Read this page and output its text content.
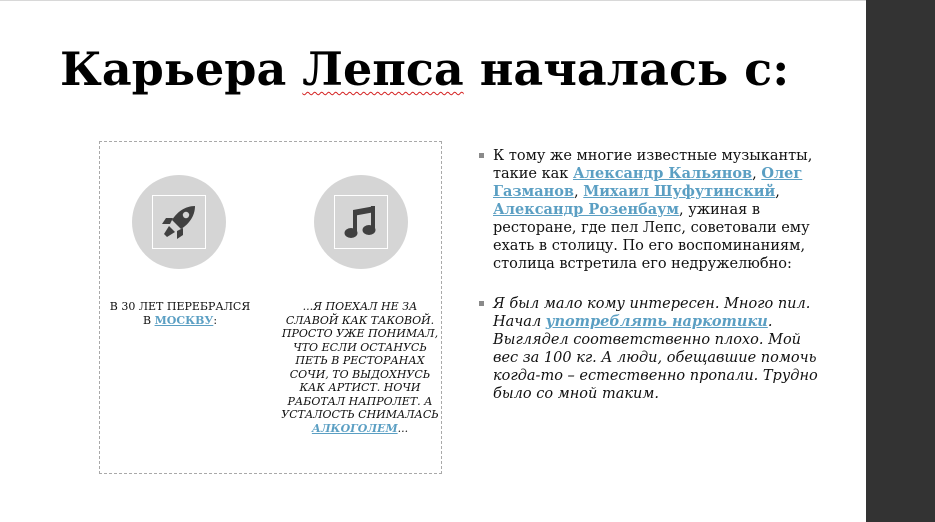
Карьера Лепса началась с:
В 30 ЛЕТ ПЕРЕБРАЛСЯ В МОСКВУ:
...Я ПОЕХАЛ НЕ ЗА СЛАВОЙ КАК ТАКОВОЙ. ПРОСТО УЖЕ ПОНИМАЛ, ЧТО ЕСЛИ ОСТАНУСЬ ПЕТЬ В РЕСТОРАНАХ СОЧИ, ТО ВЫДОХНУСЬ КАК АРТИСТ. НОЧИ РАБОТАЛ НАПРОЛЕТ. А УСТАЛОСТЬ СНИМАЛАСЬ АЛКОГОЛЕМ...
К тому же многие известные музыканты, такие как Александр Кальянов, Олег Газманов, Михаил Шуфутинский, Александр Розенбаум, ужиная в ресторане, где пел Лепс, советовали ему ехать в столицу. По его воспоминаниям, столица встретила его недружелюбно:
Я был мало кому интересен. Много пил. Начал употреблять наркотики. Выглядел соответственно плохо. Мой вес за 100 кг. А люди, обещавшие помочь когда-то – естественно пропали. Трудно было со мной таким.
